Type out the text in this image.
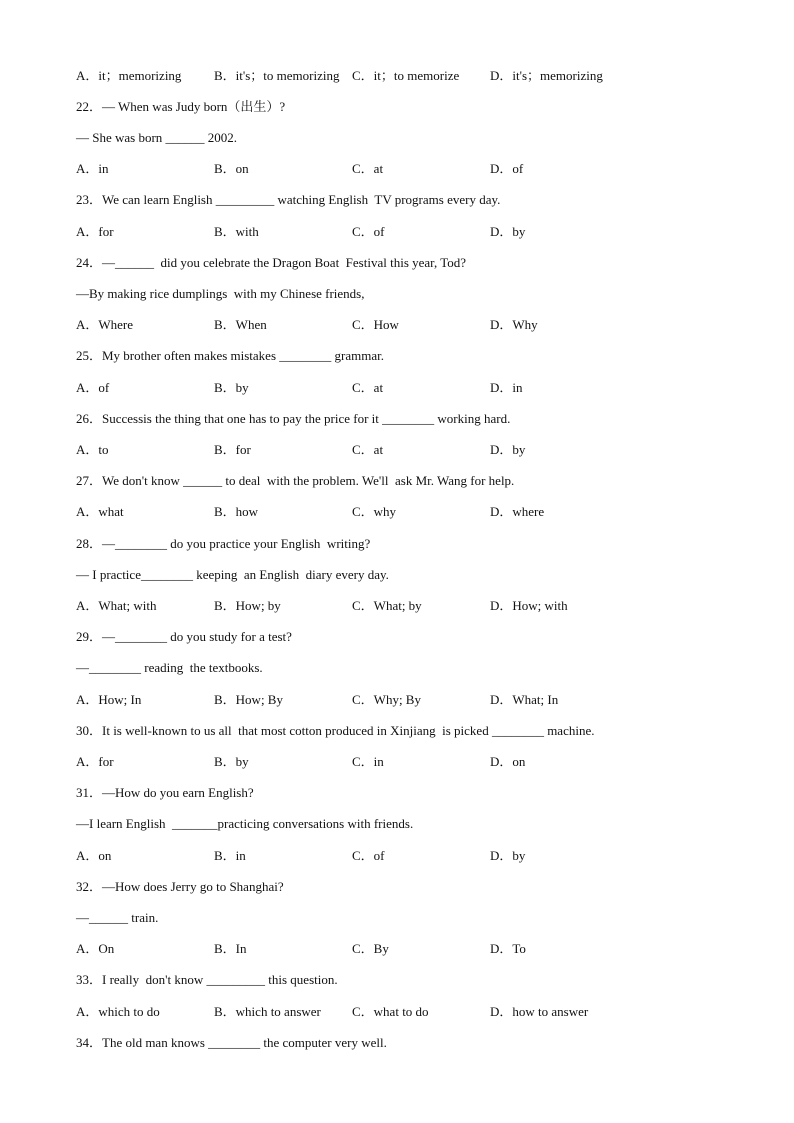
A．it；memorizing	B．it's；to memorizing C．it；to memorize D．it's；memorizing
22．— When was Judy born（出生）?
— She was born ______ 2002.
A．in	B．on	C．at	D．of
23．We can learn English _________ watching English  TV programs every day.
A．for	B．with	C．of	D．by
24．—______  did you celebrate the Dragon Boat  Festival this year, Tod?
—By making rice dumplings  with my Chinese friends,
A．Where	B．When	C．How	D．Why
25．My brother often makes mistakes ________ grammar.
A．of	B．by	C．at	D．in
26．Successis the thing that one has to pay the price for it ________ working hard.
A．to	B．for	C．at	D．by
27．We don't know ______ to deal  with the problem. We'll  ask Mr. Wang for help.
A．what	B．how	C．why	D．where
28．—________ do you practice your English  writing?
— I practice________ keeping  an English  diary every day.
A．What; with	B．How; by	C．What; by	D．How; with
29．—________ do you study for a test?
—________ reading  the textbooks.
A．How; In	B．How; By	C．Why; By	D．What; In
30．It is well-known to us all  that most cotton produced in Xinjiang  is picked ________ machine.
A．for	B．by	C．in	D．on
31．—How do you earn English?
—I learn English  _______practicing conversations with friends.
A．on	B．in	C．of	D．by
32．—How does Jerry go to Shanghai?
—______ train.
A．On	B．In	C．By	D．To
33．I really  don't know _________ this question.
A．which to do	B．which to answer C．what to do	D．how to answer
34．The old man knows ________ the computer very well.
